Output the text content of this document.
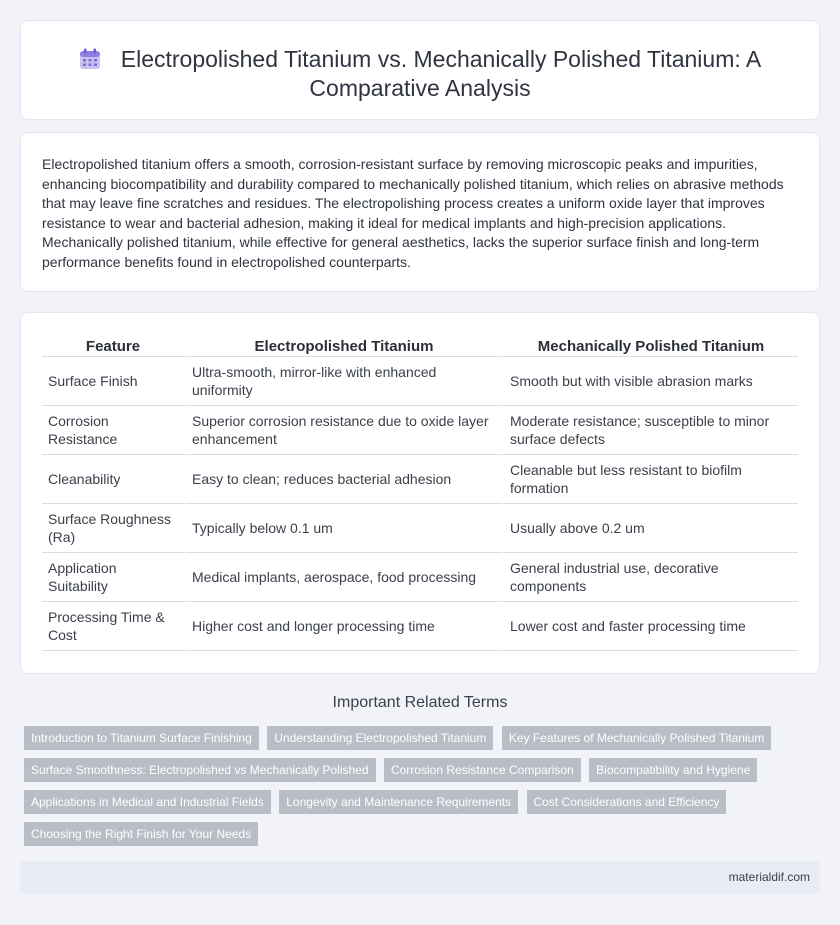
Electropolished Titanium vs. Mechanically Polished Titanium: A Comparative Analysis

Electropolished titanium offers a smooth, corrosion-resistant surface by removing microscopic peaks and impurities, enhancing biocompatibility and durability compared to mechanically polished titanium, which relies on abrasive methods that may leave fine scratches and residues. The electropolishing process creates a uniform oxide layer that improves resistance to wear and bacterial adhesion, making it ideal for medical implants and high-precision applications. Mechanically polished titanium, while effective for general aesthetics, lacks the superior surface finish and long-term performance benefits found in electropolished counterparts.

Feature	Electropolished Titanium	Mechanically Polished Titanium
Surface Finish	Ultra-smooth, mirror-like with enhanced uniformity	Smooth but with visible abrasion marks
Corrosion Resistance	Superior corrosion resistance due to oxide layer enhancement	Moderate resistance; susceptible to minor surface defects
Cleanability	Easy to clean; reduces bacterial adhesion	Cleanable but less resistant to biofilm formation
Surface Roughness (Ra)	Typically below 0.1 um	Usually above 0.2 um
Application Suitability	Medical implants, aerospace, food processing	General industrial use, decorative components
Processing Time & Cost	Higher cost and longer processing time	Lower cost and faster processing time
Important Related Terms
Introduction to Titanium Surface Finishing Understanding Electropolished Titanium Key Features of Mechanically Polished Titanium Surface Smoothness: Electropolished vs Mechanically Polished Corrosion Resistance Comparison Biocompatibility and Hygiene Applications in Medical and Industrial Fields Longevity and Maintenance Requirements Cost Considerations and Efficiency Choosing the Right Finish for Your Needs
materialdif.com
